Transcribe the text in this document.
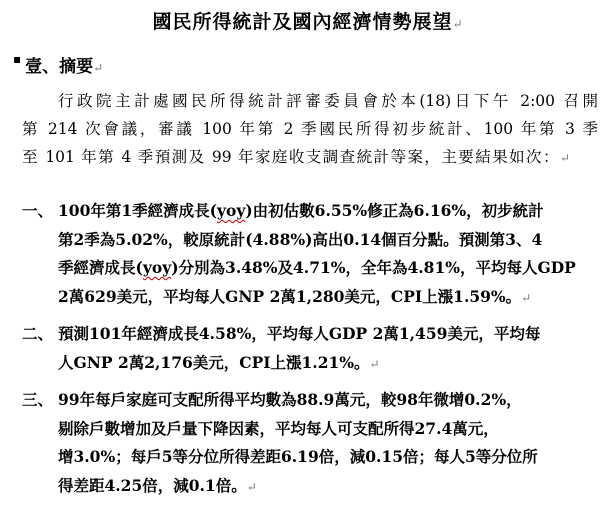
國民所得統計及國內經濟情勢展望↵
▪ 壹、摘要↵
行政院主計處國民所得統計評審委員會於本(18)日下午 2:00 召開
第 214 次會議，審議 100 年第 2 季國民所得初步統計、100 年第 3 季
至 101 年第 4 季預測及 99 年家庭收支調查統計等案，主要結果如次：↵
一、 100年第1季經濟成長(yoy)由初估數6.55%修正為6.16%，初步統計
第2季為5.02%，較原統計(4.88%)高出0.14個百分點。預測第3、4
季經濟成長(yoy)分別為3.48%及4.71%，全年為4.81%，平均每人GDP
2萬629美元，平均每人GNP 2萬1,280美元，CPI上漲1.59%。↵
二、 預測101年經濟成長4.58%，平均每人GDP 2萬1,459美元，平均每
人GNP 2萬2,176美元，CPI上漲1.21%。↵
三、 99年每戶家庭可支配所得平均數為88.9萬元，較98年微增0.2%，
剔除戶數增加及戶量下降因素，平均每人可支配所得27.4萬元，
增3.0%；每戶5等分位所得差距6.19倍，減0.15倍；每人5等分位所
得差距4.25倍，減0.1倍。↵
